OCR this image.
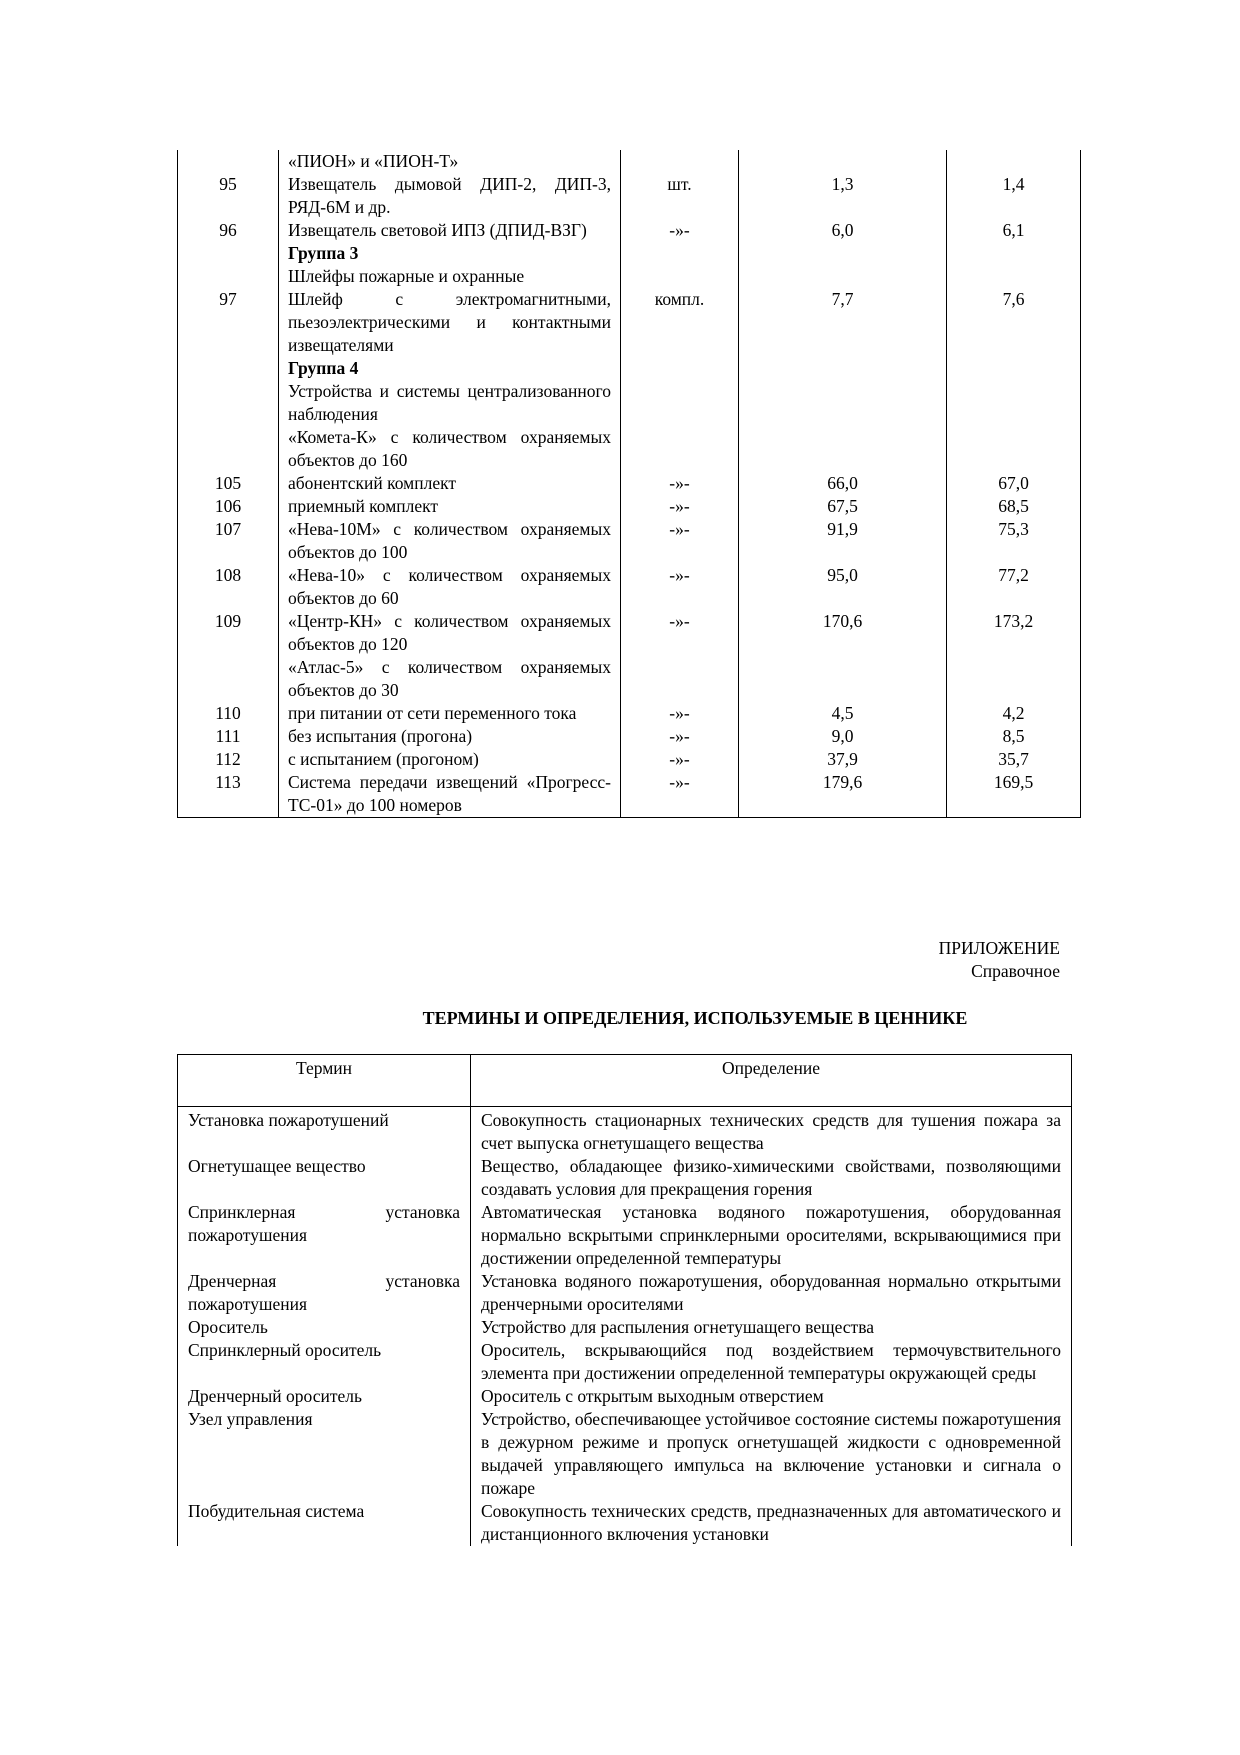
	«ПИОН» и «ПИОН-Т»			
95	Извещатель дымовой ДИП-2, ДИП-3, РЯД-6М и др.	шт.	1,3	1,4
96	Извещатель световой ИПЗ (ДПИД-ВЗГ)	-»-	6,0	6,1
	Группа 3			
	Шлейфы пожарные и охранные			
97	Шлейф с электромагнитными, пьезоэлектрическими и контактными извещателями	компл.	7,7	7,6
	Группа 4			
	Устройства и системы централизованного наблюдения			
	«Комета-К» с количеством охраняемых объектов до 160			
105	абонентский комплект	-»-	66,0	67,0
106	приемный комплект	-»-	67,5	68,5
107	«Нева-10М» с количеством охраняемых объектов до 100	-»-	91,9	75,3
108	«Нева-10» с количеством охраняемых объектов до 60	-»-	95,0	77,2
109	«Центр-КН» с количеством охраняемых объектов до 120	-»-	170,6	173,2
	«Атлас-5» с количеством охраняемых объектов до 30			
110	при питании от сети переменного тока	-»-	4,5	4,2
111	без испытания (прогона)	-»-	9,0	8,5
112	с испытанием (прогоном)	-»-	37,9	35,7
113	Система передачи извещений «Прогресс-ТС-01» до 100 номеров	-»-	179,6	169,5
ПРИЛОЖЕНИЕ
Справочное
ТЕРМИНЫ И ОПРЕДЕЛЕНИЯ, ИСПОЛЬЗУЕМЫЕ В ЦЕННИКЕ
Термин	Определение
Установка пожаротушений	Совокупность стационарных технических средств для тушения пожара за счет выпуска огнетушащего вещества
Огнетушащее вещество	Вещество, обладающее физико-химическими свойствами, позволяющими создавать условия для прекращения горения
Спринклерная установка пожаротушения	Автоматическая установка водяного пожаротушения, оборудованная нормально вскрытыми спринклерными оросителями, вскрывающимися при достижении определенной температуры
Дренчерная установка пожаротушения	Установка водяного пожаротушения, оборудованная нормально открытыми дренчерными оросителями
Ороситель	Устройство для распыления огнетушащего вещества
Спринклерный ороситель	Ороситель, вскрывающийся под воздействием термочувствительного элемента при достижении определенной температуры окружающей среды
Дренчерный ороситель	Ороситель с открытым выходным отверстием
Узел управления	Устройство, обеспечивающее устойчивое состояние системы пожаротушения в дежурном режиме и пропуск огнетушащей жидкости с одновременной выдачей управляющего импульса на включение установки и сигнала о пожаре
Побудительная система	Совокупность технических средств, предназначенных для автоматического и дистанционного включения установки
